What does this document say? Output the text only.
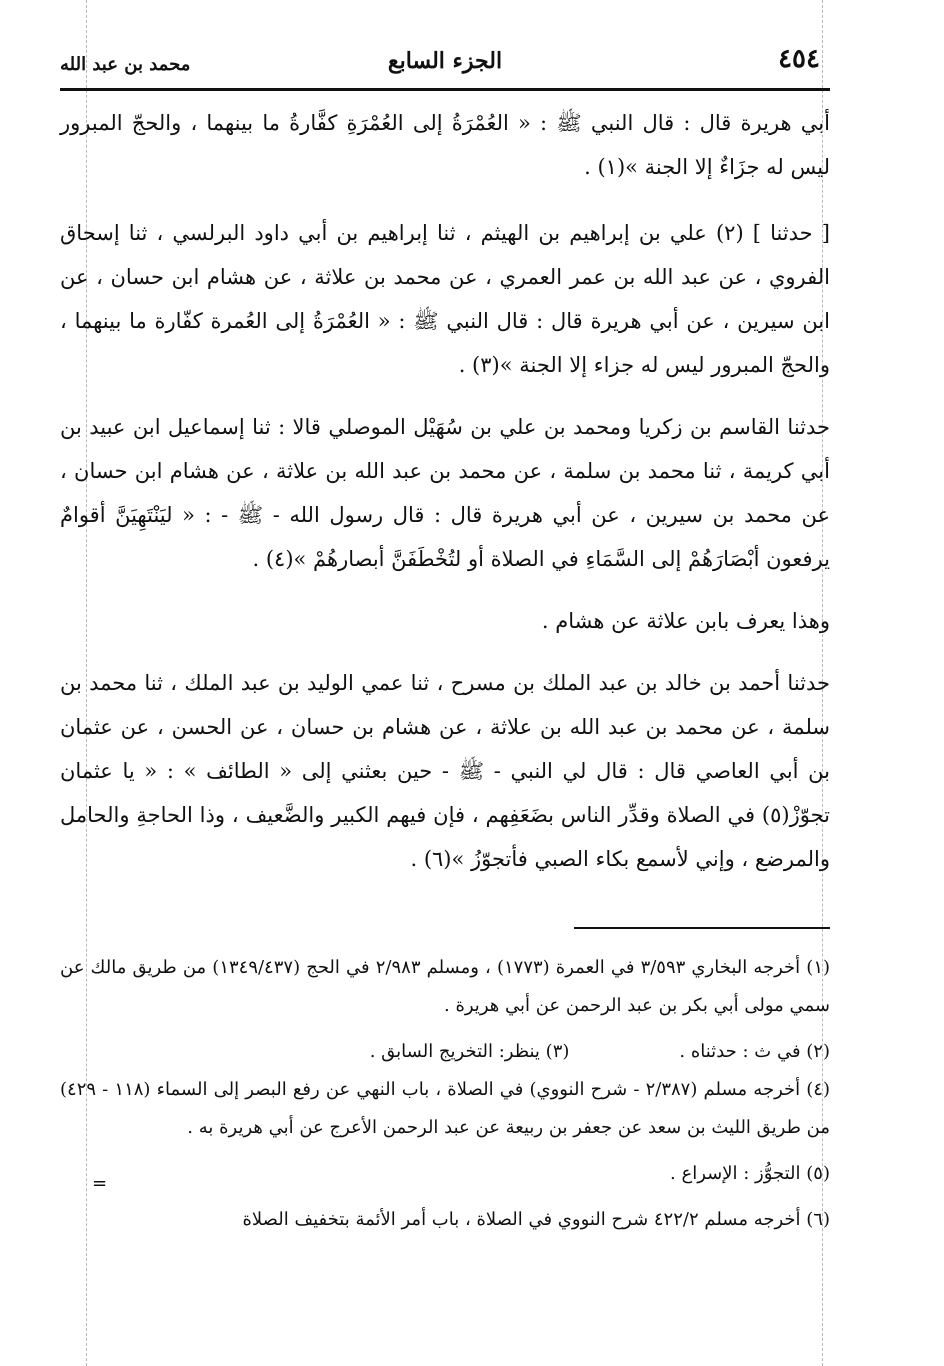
٤٥٤
الجزء السابع
محمد بن عبد الله

أبي هريرة قال : قال النبي ﷺ : « العُمْرَةُ إلى العُمْرَةِ كفَّارةُ ما بينهما ، والحجّ المبرور ليس له جزَاءٌ إلا الجنة »(١) .

[ حدثنا ] (٢) علي بن إبراهيم بن الهيثم ، ثنا إبراهيم بن أبي داود البرلسي ، ثنا إسحاق الفروي ، عن عبد الله بن عمر العمري ، عن محمد بن علاثة ، عن هشام ابن حسان ، عن ابن سيرين ، عن أبي هريرة قال : قال النبي ﷺ : « العُمْرَةُ إلى العُمرة كفّارة ما بينهما ، والحجّ المبرور ليس له جزاء إلا الجنة »(٣) .

حدثنا القاسم بن زكريا ومحمد بن علي بن سُهَيْل الموصلي قالا : ثنا إسماعيل ابن عبيد بن أبي كريمة ، ثنا محمد بن سلمة ، عن محمد بن عبد الله بن علاثة ، عن هشام ابن حسان ، عن محمد بن سيرين ، عن أبي هريرة قال : قال رسول الله - ﷺ - : « ليَنْتَهِيَنَّ أقوامٌ يرفعون أبْصَارَهُمْ إلى السَّمَاءِ في الصلاة أو لتُخْطَفَنَّ أبصارهُمْ »(٤) .

وهذا يعرف بابن علاثة عن هشام .

حدثنا أحمد بن خالد بن عبد الملك بن مسرح ، ثنا عمي الوليد بن عبد الملك ، ثنا محمد بن سلمة ، عن محمد بن عبد الله بن علاثة ، عن هشام بن حسان ، عن الحسن ، عن عثمان بن أبي العاصي قال : قال لي النبي - ﷺ - حين بعثني إلى « الطائف » : « يا عثمان تجوّزْ(٥) في الصلاة وقدِّر الناس بضَعَفِهم ، فإن فيهم الكبير والضَّعيف ، وذا الحاجةِ والحامل والمرضع ، وإني لأسمع بكاء الصبي فأتجوّزُ »(٦) .

(١) أخرجه البخاري ٣/٥٩٣ في العمرة (١٧٧٣) ، ومسلم ٢/٩٨٣ في الحج (١٣٤٩/٤٣٧) من طريق مالك عن سمي مولى أبي بكر بن عبد الرحمن عن أبي هريرة .

(٢) في ث : حدثناه .
(٣) ينظر: التخريج السابق .

(٤) أخرجه مسلم (٢/٣٨٧ - شرح النووي) في الصلاة ، باب النهي عن رفع البصر إلى السماء (١١٨ - ٤٢٩) من طريق الليث بن سعد عن جعفر بن ربيعة عن عبد الرحمن الأعرج عن أبي هريرة به .

(٥) التجوُّز : الإسراع .

(٦) أخرجه مسلم ٤٢٢/٢ شرح النووي في الصلاة ، باب أمر الأئمة بتخفيف الصلاة

=
